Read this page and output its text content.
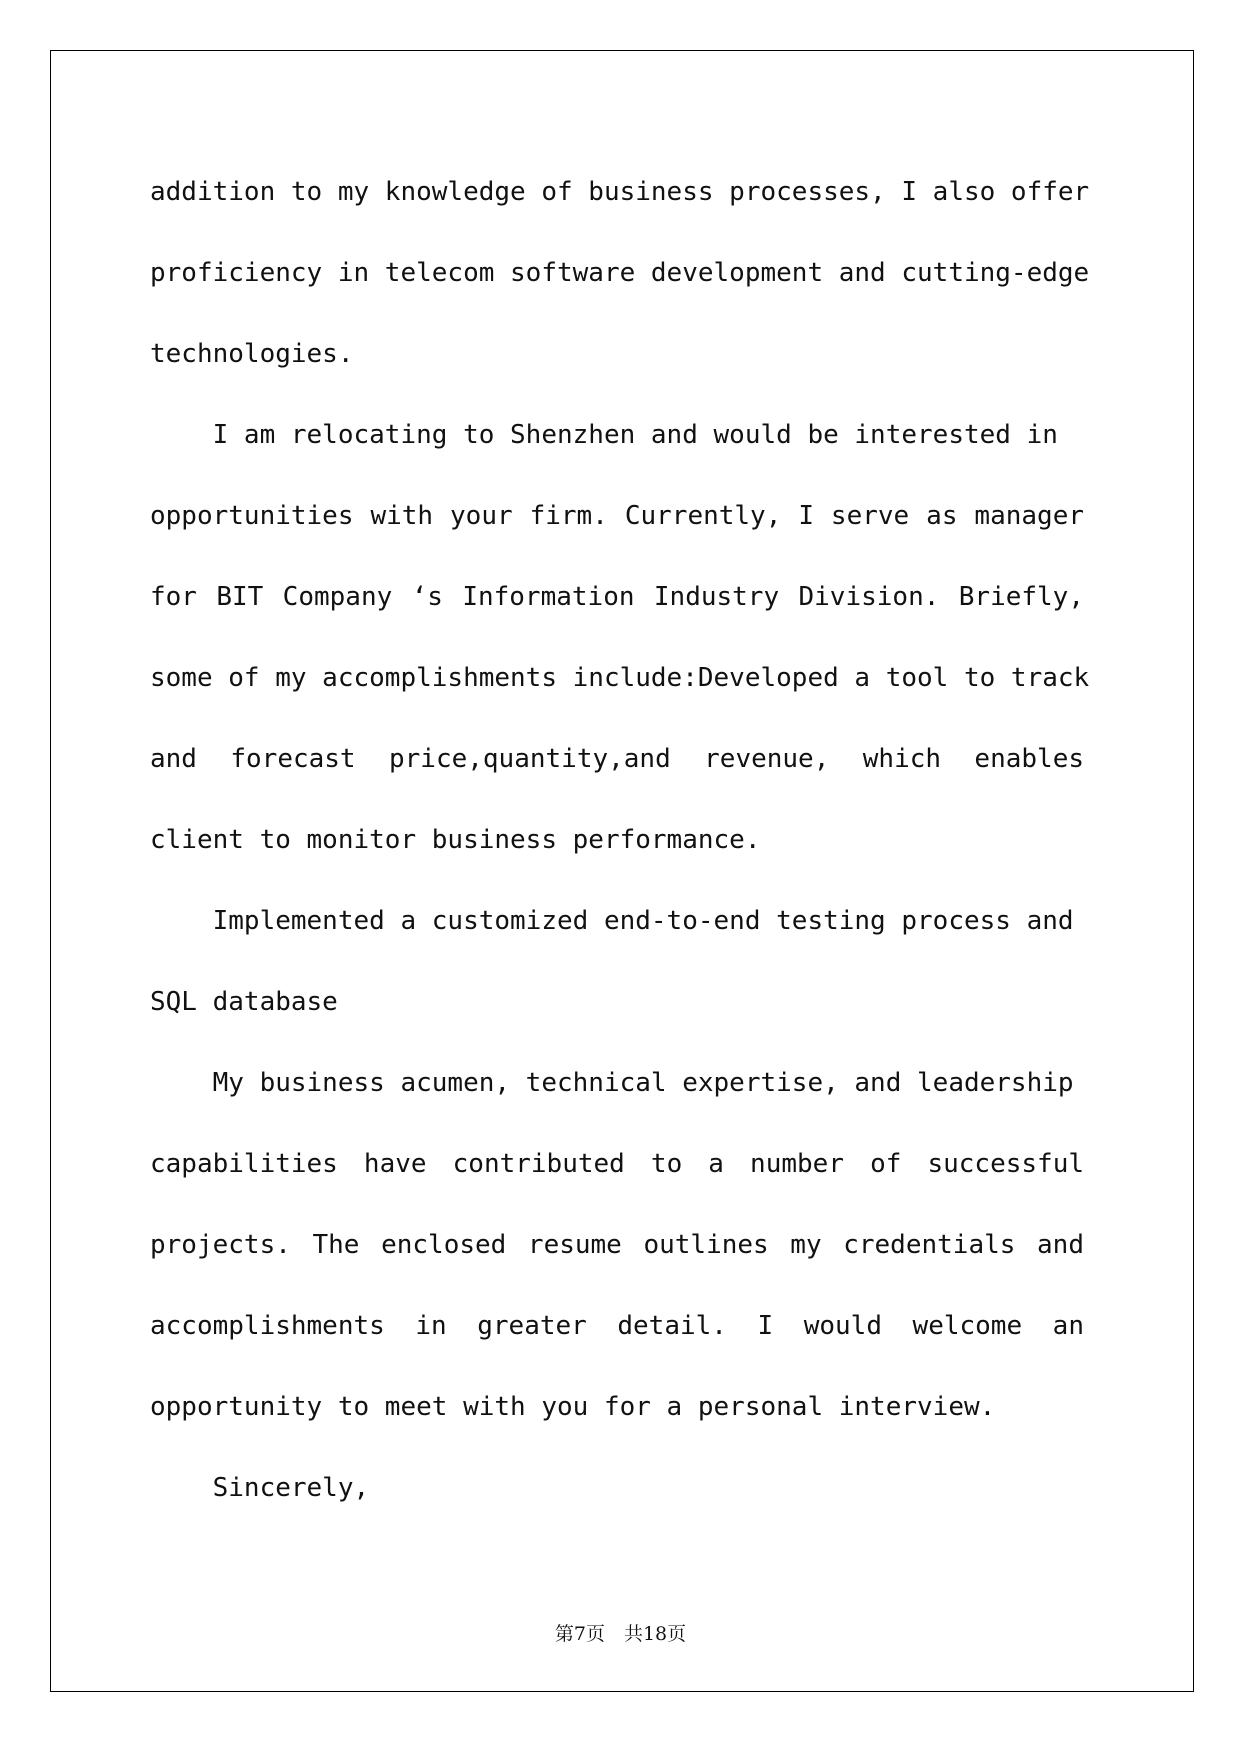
addition to my knowledge of business processes, I also offer
proficiency in telecom software development and cutting-edge
technologies.
I am relocating to Shenzhen and would be interested in
opportunities with your firm. Currently, I serve as manager
for BIT Company ‘s Information Industry Division. Briefly,
some of my accomplishments include:Developed a tool to track
and forecast price,quantity,and revenue, which enables
client to monitor business performance.
Implemented a customized end-to-end testing process and
SQL database
My business acumen, technical expertise, and leadership
capabilities have contributed to a number of successful
projects. The enclosed resume outlines my credentials and
accomplishments in greater detail. I would welcome an
opportunity to meet with you for a personal interview.
Sincerely,
第7页　共18页
